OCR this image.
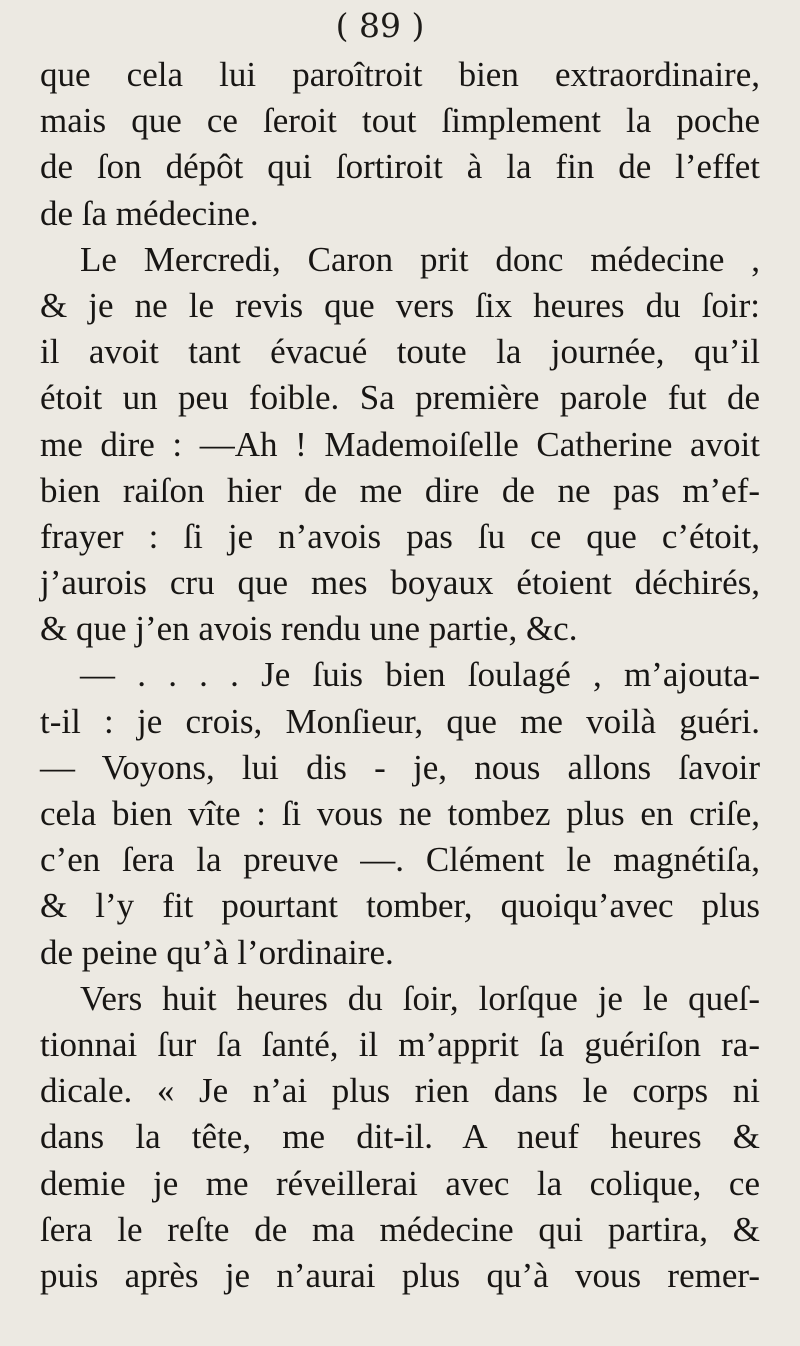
( 89 )
que cela lui paroîtroit bien extraordinaire,
mais que ce ſeroit tout ſimplement la poche
de ſon dépôt qui ſortiroit à la fin de l’effet
de ſa médecine.
Le Mercredi, Caron prit donc médecine ,
& je ne le revis que vers ſix heures du ſoir:
il avoit tant évacué toute la journée, qu’il
étoit un peu foible. Sa première parole fut de
me dire : —Ah ! Mademoiſelle Catherine avoit
bien raiſon hier de me dire de ne pas m’ef-
frayer : ſi je n’avois pas ſu ce que c’étoit,
j’aurois cru que mes boyaux étoient déchirés,
& que j’en avois rendu une partie, &c.
— . . . . Je ſuis bien ſoulagé , m’ajouta-
t-il : je crois, Monſieur, que me voilà guéri.
— Voyons, lui dis - je, nous allons ſavoir
cela bien vîte : ſi vous ne tombez plus en criſe,
c’en ſera la preuve —. Clément le magnétiſa,
& l’y fit pourtant tomber, quoiqu’avec plus
de peine qu’à l’ordinaire.
Vers huit heures du ſoir, lorſque je le queſ-
tionnai ſur ſa ſanté, il m’apprit ſa guériſon ra-
dicale. « Je n’ai plus rien dans le corps ni
dans la tête, me dit-il. A neuf heures &
demie je me réveillerai avec la colique, ce
ſera le reſte de ma médecine qui partira, &
puis après je n’aurai plus qu’à vous remer-
